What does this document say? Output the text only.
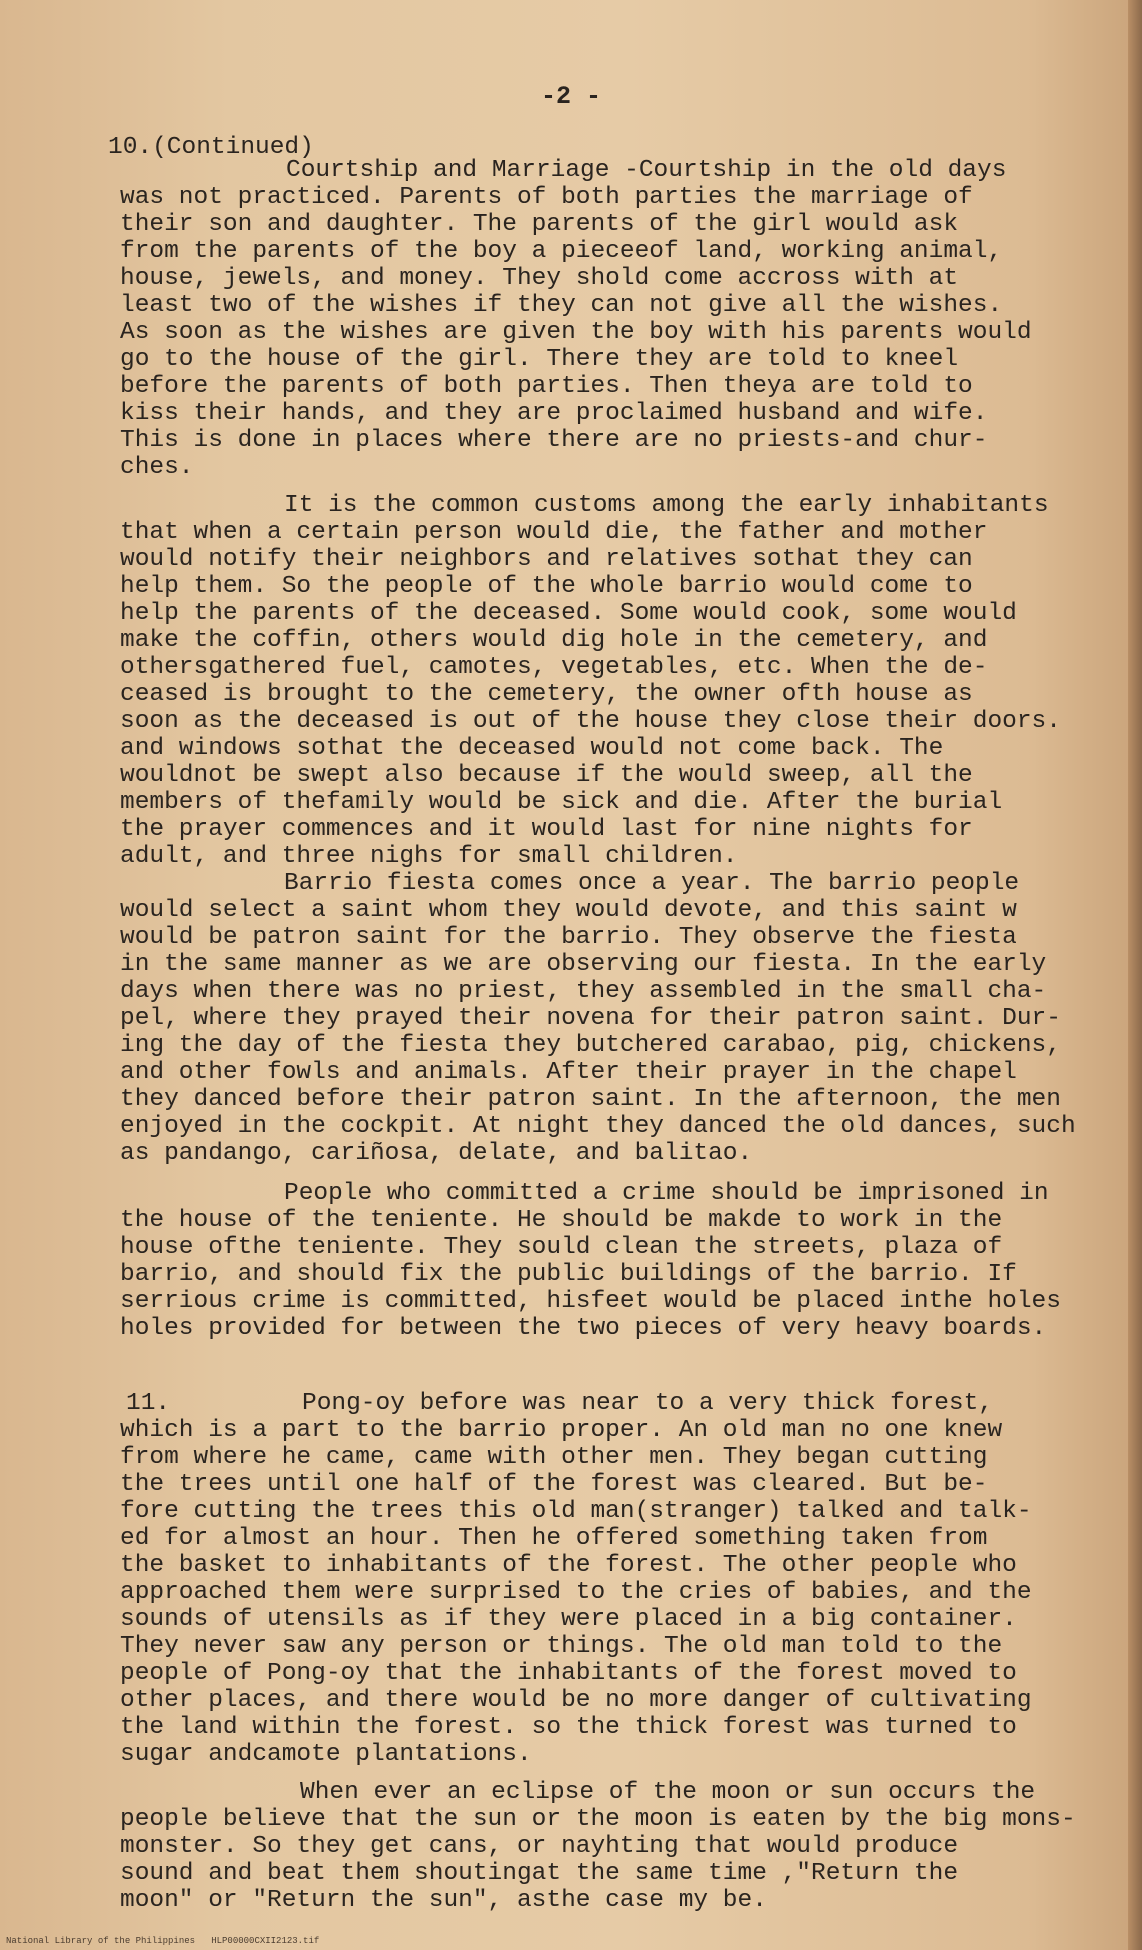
-2 -
10.(Continued)
Courtship and Marriage -Courtship in the old days
was not practiced. Parents of both parties the marriage of
their son and daughter. The parents of the girl would ask
from the parents of the boy a pieceeof land, working animal,
house, jewels, and money. They shold come accross with at
least two of the wishes if they can not give all the wishes.
As soon as the wishes are given the boy with his parents would
go to the house of the girl. There they are told to kneel
before the parents of both parties. Then theya are told to
kiss their hands, and they are proclaimed husband and wife.
This is done in places where there are no priests-and chur-
ches.
It is the common customs among the early inhabitants
that when a certain person would die, the father and mother
would notify their neighbors and relatives sothat they can
help them. So the people of the whole barrio would come to
help the parents of the deceased. Some would cook, some would
make the coffin, others would dig hole in the cemetery, and
othersgathered fuel, camotes, vegetables, etc. When the de-
ceased is brought to the cemetery, the owner ofth house as
soon as the deceased is out of the house they close their doors.
and windows sothat the deceased would not come back. The
wouldnot be swept also because if the would sweep, all the
members of thefamily would be sick and die. After the burial
the prayer commences and it would last for nine nights for
adult, and three nighs for small children.
Barrio fiesta comes once a year. The barrio people
would select a saint whom they would devote, and this saint w
would be patron saint for the barrio. They observe the fiesta
in the same manner as we are observing our fiesta. In the early
days when there was no priest, they assembled in the small cha-
pel, where they prayed their novena for their patron saint. Dur-
ing the day of the fiesta they butchered carabao, pig, chickens,
and other fowls and animals. After their prayer in the chapel
they danced before their patron saint. In the afternoon, the men
enjoyed in the cockpit. At night they danced the old dances, such
as pandango, cariñosa, delate, and balitao.
People who committed a crime should be imprisoned in
the house of the teniente. He should be makde to work in the
house ofthe teniente. They sould clean the streets, plaza of
barrio, and should fix the public buildings of the barrio. If
serrious crime is committed, hisfeet would be placed inthe holes
holes provided for between the two pieces of very heavy boards.
11.	Pong-oy before was near to a very thick forest,
which is a part to the barrio proper. An old man no one knew
from where he came, came with other men. They began cutting
the trees until one half of the forest was cleared. But be-
fore cutting the trees this old man(stranger) talked and talk-
ed for almost an hour. Then he offered something taken from
the basket to inhabitants of the forest. The other people who
approached them were surprised to the cries of babies, and the
sounds of utensils as if they were placed in a big container.
They never saw any person or things. The old man told to the
people of Pong-oy that the inhabitants of the forest moved to
other places, and there would be no more danger of cultivating
the land within the forest. so the thick forest was turned to
sugar andcamote plantations.
When ever an eclipse of the moon or sun occurs the
people believe that the sun or the moon is eaten by the big mons-
monster. So they get cans, or nayhting that would produce
sound and beat them shoutingat the same time ,"Return the
moon" or "Return the sun", asthe case my be.
National Library of the Philippines   HLP00000CXII2123.tif
